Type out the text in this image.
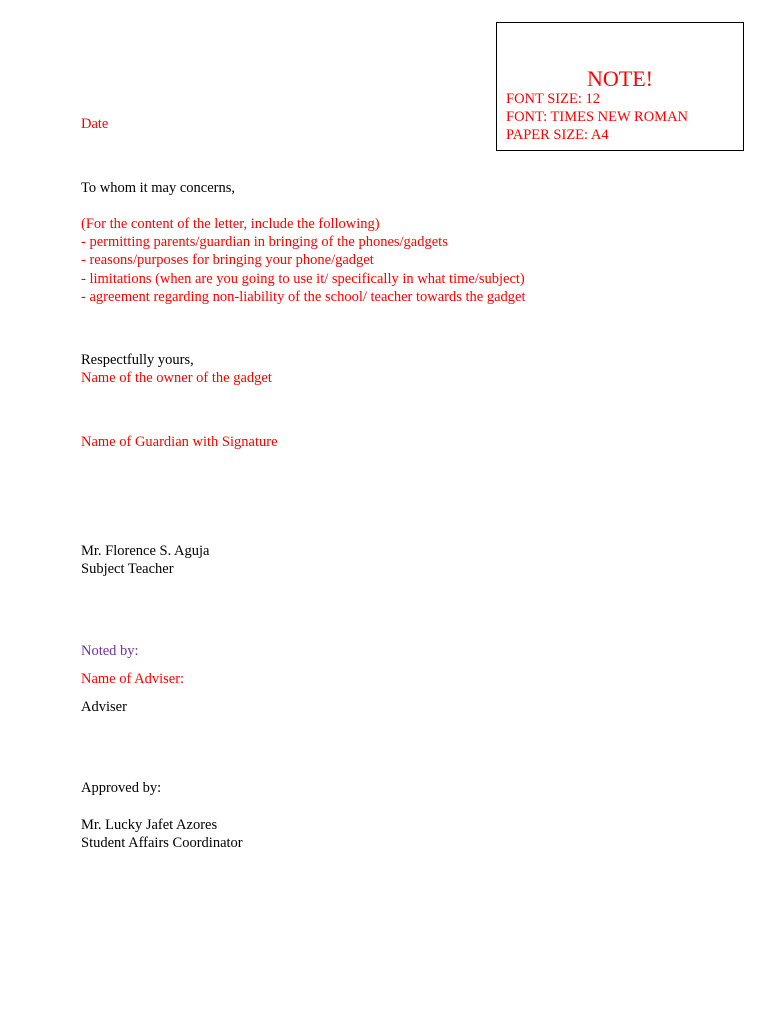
NOTE!
FONT SIZE: 12
FONT: TIMES NEW ROMAN
PAPER SIZE: A4
Date
To whom it may concerns,
(For the content of the letter, include the following)
- permitting parents/guardian in bringing of the phones/gadgets
- reasons/purposes for bringing your phone/gadget
- limitations (when are you going to use it/ specifically in what time/subject)
- agreement regarding non-liability of the school/ teacher towards the gadget
Respectfully yours,
Name of the owner of the gadget
Name of Guardian with Signature
Mr. Florence S. Aguja
Subject Teacher
Noted by:
Name of Adviser:
Adviser
Approved by:
Mr. Lucky Jafet Azores
Student Affairs Coordinator
